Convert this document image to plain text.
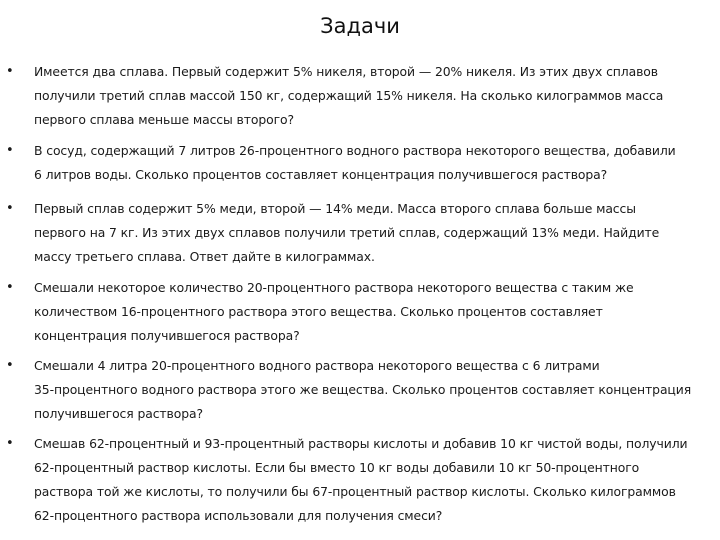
Задачи
• Имеется два сплава. Первый содержит 5% никеля, второй — 20% никеля. Из этих двух сплавов
получили третий сплав массой 150 кг, содержащий 15% никеля. На сколько килограммов масса
первого сплава меньше массы второго?
• В сосуд, содержащий 7 литров 26-процентного водного раствора некоторого вещества, добавили
6 литров воды. Сколько процентов составляет концентрация получившегося раствора?
• Первый сплав содержит 5% меди, второй — 14% меди. Масса второго сплава больше массы
первого на 7 кг. Из этих двух сплавов получили третий сплав, содержащий 13% меди. Найдите
массу третьего сплава. Ответ дайте в килограммах.
• Смешали некоторое количество 20-процентного раствора некоторого вещества с таким же
количеством 16-процентного раствора этого вещества. Сколько процентов составляет
концентрация получившегося раствора?
• Смешали 4 литра 20-процентного водного раствора некоторого вещества с 6 литрами
35-процентного водного раствора этого же вещества. Сколько процентов составляет концентрация
получившегося раствора?
• Смешав 62-процентный и 93-процентный растворы кислоты и добавив 10 кг чистой воды, получили
62-процентный раствор кислоты. Если бы вместо 10 кг воды добавили 10 кг 50-процентного
раствора той же кислоты, то получили бы 67-процентный раствор кислоты. Сколько килограммов
62-процентного раствора использовали для получения смеси?
